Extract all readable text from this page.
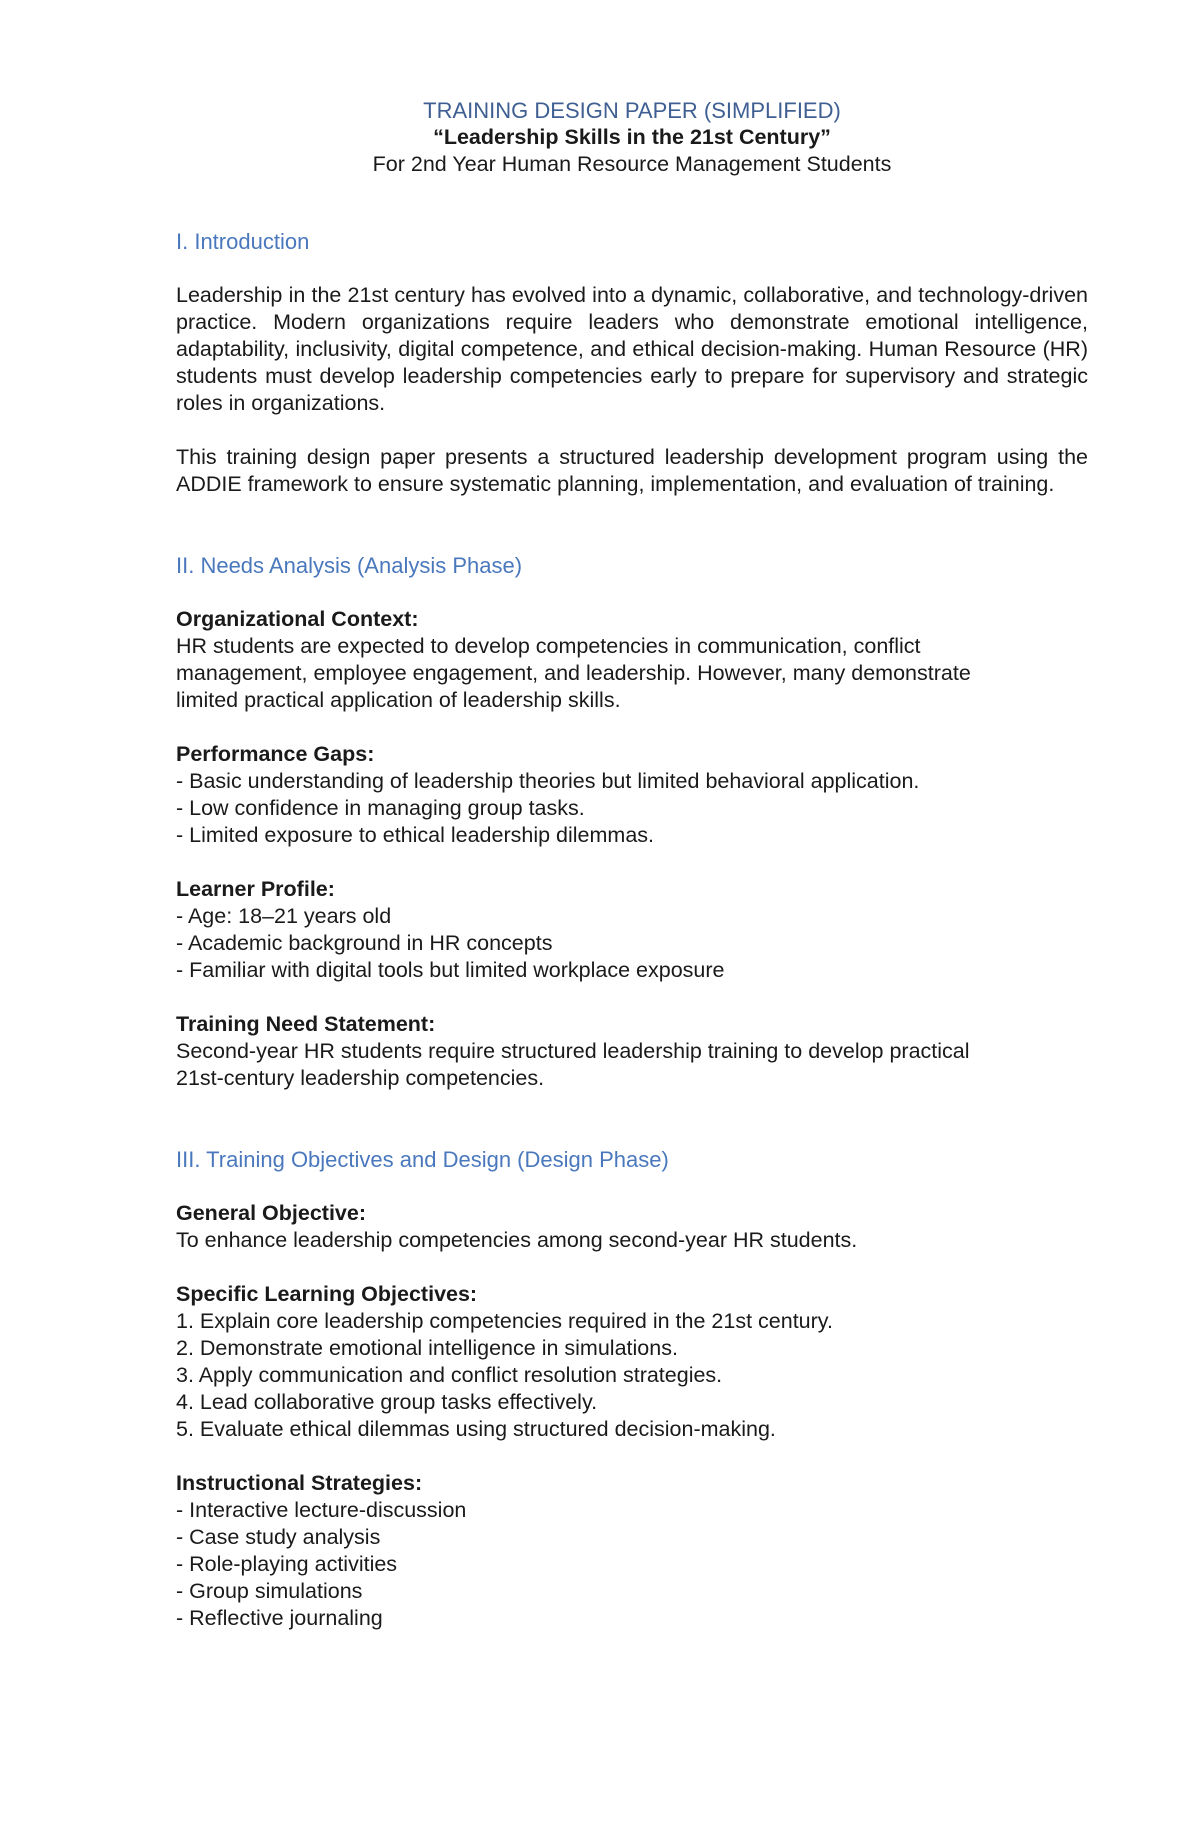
TRAINING DESIGN PAPER (SIMPLIFIED)

“Leadership Skills in the 21st Century”

For 2nd Year Human Resource Management Students

I. Introduction

Leadership in the 21st century has evolved into a dynamic, collaborative, and technology-driven practice. Modern organizations require leaders who demonstrate emotional intelligence, adaptability, inclusivity, digital competence, and ethical decision-making. Human Resource (HR) students must develop leadership competencies early to prepare for supervisory and strategic roles in organizations.

This training design paper presents a structured leadership development program using the ADDIE framework to ensure systematic planning, implementation, and evaluation of training.

II. Needs Analysis (Analysis Phase)

Organizational Context:

HR students are expected to develop competencies in communication, conflict

management, employee engagement, and leadership. However, many demonstrate

limited practical application of leadership skills.

Performance Gaps:

- Basic understanding of leadership theories but limited behavioral application.

- Low confidence in managing group tasks.

- Limited exposure to ethical leadership dilemmas.

Learner Profile:

- Age: 18–21 years old

- Academic background in HR concepts

- Familiar with digital tools but limited workplace exposure

Training Need Statement:

Second-year HR students require structured leadership training to develop practical

21st-century leadership competencies.

III. Training Objectives and Design (Design Phase)

General Objective:

To enhance leadership competencies among second-year HR students.

Specific Learning Objectives:

1. Explain core leadership competencies required in the 21st century.

2. Demonstrate emotional intelligence in simulations.

3. Apply communication and conflict resolution strategies.

4. Lead collaborative group tasks effectively.

5. Evaluate ethical dilemmas using structured decision-making.

Instructional Strategies:

- Interactive lecture-discussion

- Case study analysis

- Role-playing activities

- Group simulations

- Reflective journaling
